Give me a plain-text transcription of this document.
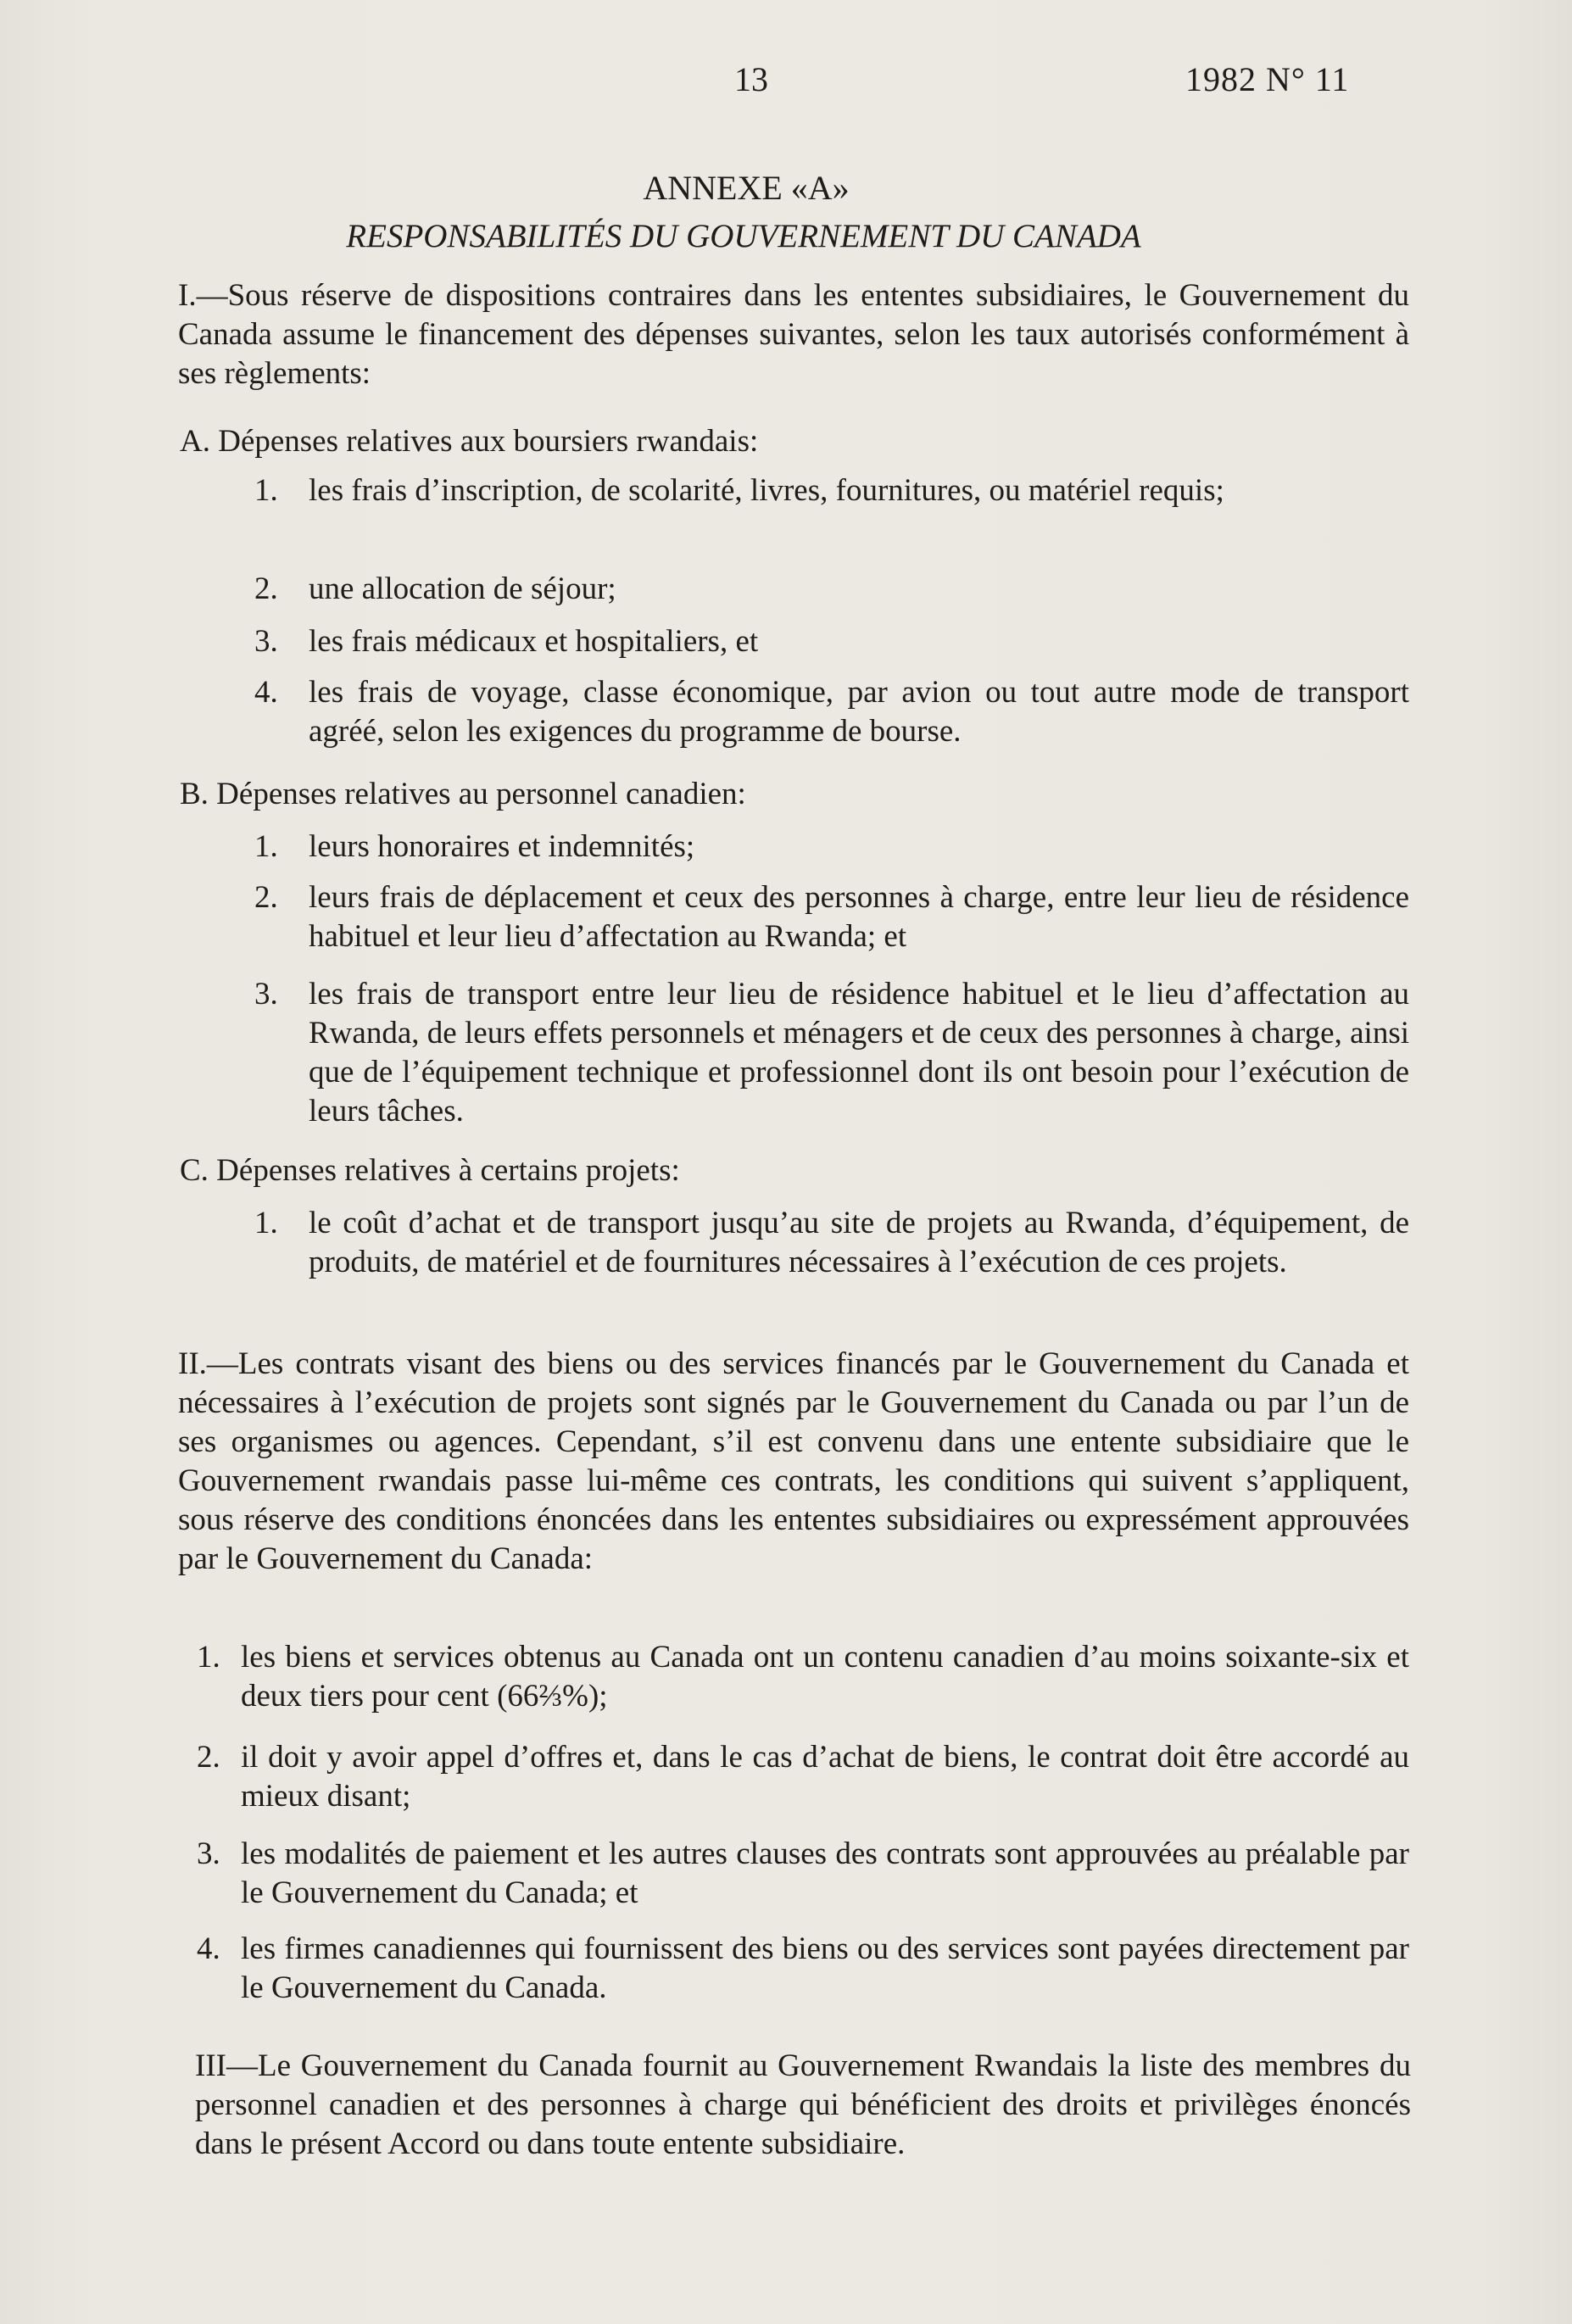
13	1982 N° 11
ANNEXE «A»
RESPONSABILITÉS DU GOUVERNEMENT DU CANADA
I.—Sous réserve de dispositions contraires dans les ententes subsidiaires, le Gouvernement du Canada assume le financement des dépenses suivantes, selon les taux autorisés conformément à ses règlements:
A. Dépenses relatives aux boursiers rwandais:
1. les frais d’inscription, de scolarité, livres, fournitures, ou matériel requis;
2. une allocation de séjour;
3. les frais médicaux et hospitaliers, et
4. les frais de voyage, classe économique, par avion ou tout autre mode de transport agréé, selon les exigences du programme de bourse.
B. Dépenses relatives au personnel canadien:
1. leurs honoraires et indemnités;
2. leurs frais de déplacement et ceux des personnes à charge, entre leur lieu de résidence habituel et leur lieu d’affectation au Rwanda; et
3. les frais de transport entre leur lieu de résidence habituel et le lieu d’affectation au Rwanda, de leurs effets personnels et ménagers et de ceux des personnes à charge, ainsi que de l’équipement technique et professionnel dont ils ont besoin pour l’exécution de leurs tâches.
C. Dépenses relatives à certains projets:
1. le coût d’achat et de transport jusqu’au site de projets au Rwanda, d’équipement, de produits, de matériel et de fournitures nécessaires à l’exécution de ces projets.
II.—Les contrats visant des biens ou des services financés par le Gouvernement du Canada et nécessaires à l’exécution de projets sont signés par le Gouvernement du Canada ou par l’un de ses organismes ou agences. Cependant, s’il est convenu dans une entente subsidiaire que le Gouvernement rwandais passe lui-même ces contrats, les conditions qui suivent s’appliquent, sous réserve des conditions énoncées dans les ententes subsidiaires ou expressément approuvées par le Gouvernement du Canada:
1. les biens et services obtenus au Canada ont un contenu canadien d’au moins soixante-six et deux tiers pour cent (66⅔%);
2. il doit y avoir appel d’offres et, dans le cas d’achat de biens, le contrat doit être accordé au mieux disant;
3. les modalités de paiement et les autres clauses des contrats sont approuvées au préalable par le Gouvernement du Canada; et
4. les firmes canadiennes qui fournissent des biens ou des services sont payées directement par le Gouvernement du Canada.
III—Le Gouvernement du Canada fournit au Gouvernement Rwandais la liste des membres du personnel canadien et des personnes à charge qui bénéficient des droits et privilèges énoncés dans le présent Accord ou dans toute entente subsidiaire.
